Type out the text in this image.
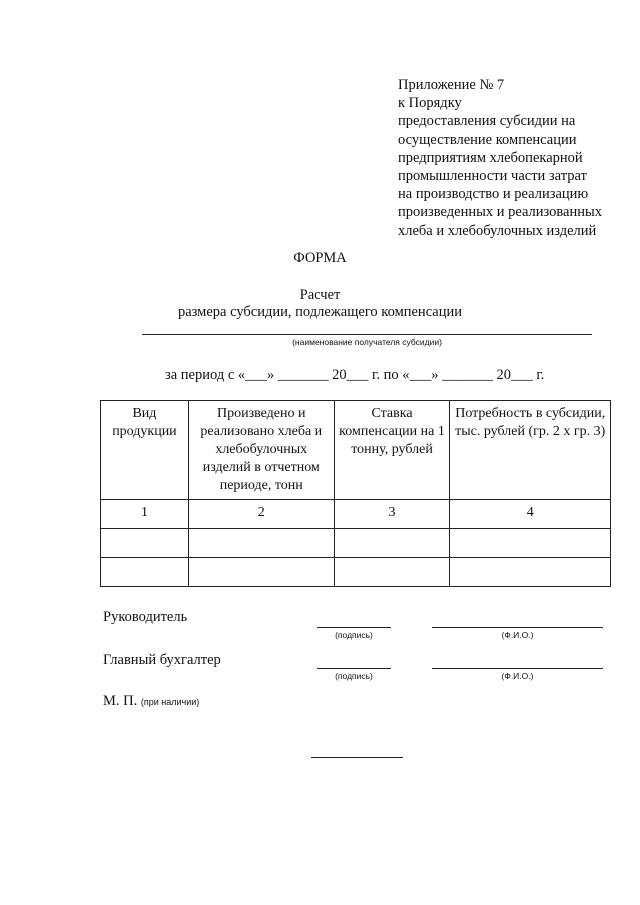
Приложение № 7
к Порядку
предоставления субсидии на
осуществление компенсации
предприятиям хлебопекарной
промышленности части затрат
на производство и реализацию
произведенных и реализованных
хлеба и хлебобулочных изделий
ФОРМА
Расчет
размера субсидии, подлежащего компенсации
(наименование получателя субсидии)
за период с «___» _______ 20___ г. по «___» _______ 20___ г.
Вид продукции	Произведено и реализовано хлеба и хлебобулочных изделий в отчетном периоде, тонн	Ставка компенсации на 1 тонну, рублей	Потребность в субсидии, тыс. рублей (гр. 2 х гр. 3)
1	2	3	4

Руководитель
(подпись)	(Ф.И.О.)
Главный бухгалтер
(подпись)	(Ф.И.О.)
М. П. (при наличии)
